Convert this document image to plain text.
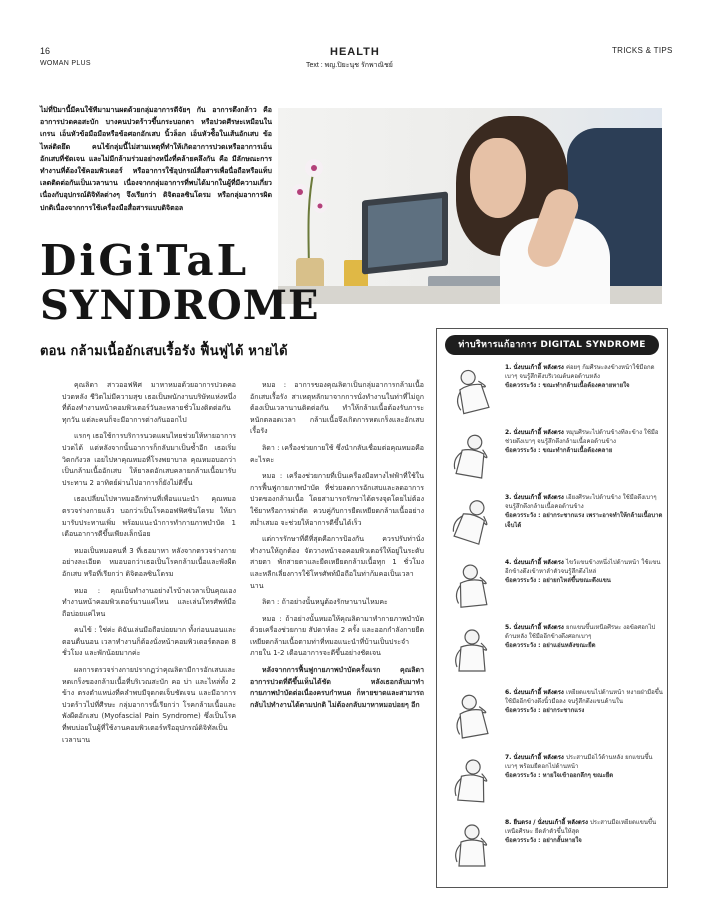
16
WOMAN PLUS
HEALTH
Text : พญ.ปิยะนุช รักพาณิชย์
TRICKS & TIPS
ไม่ที่ปิมานี้มีคนใช้ทีมามานผดด้วยกลุ่มอาการดีจัยๆ กัน อาการตึงกล้าว คือ อาการปวดคอสะบัก บางคนปวดร้าวขึ้นกระบอกตา หรือปวดศีรษะเหมือนในเกรน เอ็นหัวข้อมือมือหรือข้อศอกอักเสบ นิ้วล็อก เอ็นหัวซ้ือในเส้นอักเสบ ข้อไหล่ติดยึด คนไข้กลุ่มนี้ไม่สามเหตุที่ทำให้เกิดอาการปวดเหรืออาการเอ็นอักเสบที่ชัดเจน และไม่มีกล้ามร่วมอย่างหนึ่งที่คล้ายคลึงกัน คือ มีลักษณะการทำงานที่ต้องใช้คอมพิวเตอร์ หรืออาการใช้อุปกรณ์สื่อสารเพื่อนื่อถือหรือแท็บเลตติดต่อกันเป็นเวลานาน เนื่องจากกลุ่มอาการที่พบได้มากในผู้ที่มีความเกี่ยวเนื่องกับอุปกรณ์ดิจิทัลต่างๆ จึงเรียกว่า ดิจิตอลซินโดรม หรือกลุ่มอาการผิดปกติเนื่องจากการใช้เครื่องมือสื่อสารแบบดิจิตอล
DiGiTaL
SYNDROME
ตอน กล้ามเนื้ออักเสบเรื้อรัง ฟื้นฟูได้ หายได้

คุณลิดา สาวออฟฟิศ มาหาหมอด้วยอาการปวดคอ ปวดหลัง ชีวิตไม่มีความสุข เธอเป็นพนักงานบริษัทแห่งหนึ่ง ที่ต้องทำงานหน้าคอมพิวเตอร์วันละหลายชั่วโมงติดต่อกันทุกวัน แต่ละคนก็จะมีอาการต่างกันออกไป

แรกๆ เธอใช้การบริการนวดแผนไทยช่วยให้หายอาการปวดได้ แต่หลังจากนั้นอาการก็กลับมาเป็นซ้ำอีก เธอเริ่มวิตกกังวล เอยไปหาคุณหมอที่โรงพยาบาล คุณหมอบอกว่าเป็นกล้ามเนื้ออักเสบ ให้ยาลดอักเสบคลายกล้ามเนื้อมารับประทาน 2 อาทิตย์ผ่านไปอาการก็ยังไม่ดีขึ้น

เธอเปลี่ยนไปหาหมออีกท่านที่เพื่อนแนะนำ คุณหมอตรวจร่างกายแล้ว บอกว่าเป็นโรคออฟฟิศซินโดรม ให้ยามารับประทานเพิ่ม พร้อมแนะนำการทำกายภาพบำบัด 1 เดือนอาการดีขึ้นเพียงเล็กน้อย

หมอเป็นหมอคนที่ 3 ที่เธอมาหา หลังจากตรวจร่างกายอย่างละเอียด หมอบอกว่าเธอเป็นโรคกล้ามเนื้อและพังผืดอักเสบ หรือที่เรียกว่า ดิจิตอลซินโดรม

หมอ : คุณเป็นทำงานอย่างไรบ้างเวลาเป็นคุณเอง ทำงานหน้าคอมพิวเตอร์นานแค่ไหน และเล่นโทรศัพท์มือถือบ่อยแค่ไหน

คนไข้ : ใช่ค่ะ ดิฉันเล่นมือถือบ่อยมาก ทั้งก่อนนอนและตอนตื่นนอน เวลาทำงานก็ต้องนั่งหน้าคอมพิวเตอร์ตลอด 8 ชั่วโมง และพักน้อยมากค่ะ

ผลการตรวจร่างกายปรากฏว่าคุณลิดามีการอักเสบและหดเกร็งของกล้ามเนื้อที่บริเวณสะบัก คอ บ่า และไหล่ทั้ง 2 ข้าง ตรงตำแหน่งที่คลำพบมีจุดกดเจ็บชัดเจน และมีอาการปวดร้าวไปที่ศีรษะ กลุ่มอาการนี้เรียกว่า โรคกล้ามเนื้อและพังผืดอักเสบ (Myofascial Pain Syndrome) ซึ่งเป็นโรคที่พบบ่อยในผู้ที่ใช้งานคอมพิวเตอร์หรืออุปกรณ์ดิจิทัลเป็นเวลานาน

หมอ : อาการของคุณลิดาเป็นกลุ่มอาการกล้ามเนื้ออักเสบเรื้อรัง สาเหตุหลักมาจากการนั่งทำงานในท่าที่ไม่ถูกต้องเป็นเวลานานติดต่อกัน ทำให้กล้ามเนื้อต้องรับภาระหนักตลอดเวลา กล้ามเนื้อจึงเกิดการหดเกร็งและอักเสบเรื้อรัง

ลิดา : เครื่องช่วยกายใช้ ซึ่งนำกลับเชื่อมต่อคุณหมอคือคะไรคะ

หมอ : เครื่องช่วยกายที่เป็นเครื่องมือทางไฟฟ้าที่ใช้ในการฟื้นฟูกายภาพบำบัด ที่ช่วยลดการอักเสบและลดอาการปวดของกล้ามเนื้อ โดยสามารถรักษาได้ตรงจุดโดยไม่ต้องใช้ยาหรือการผ่าตัด ควบคู่กับการยืดเหยียดกล้ามเนื้ออย่างสม่ำเสมอ จะช่วยให้อาการดีขึ้นได้เร็ว

แต่การรักษาที่ดีที่สุดคือการป้องกัน ควรปรับท่านั่งทำงานให้ถูกต้อง จัดวางหน้าจอคอมพิวเตอร์ให้อยู่ในระดับสายตา พักสายตาและยืดเหยียดกล้ามเนื้อทุก 1 ชั่วโมง และหลีกเลี่ยงการใช้โทรศัพท์มือถือในท่าก้มคอเป็นเวลานาน

ลิดา : ถ้าอย่างนั้นหนูต้องรักษานานไหมคะ

หมอ : ถ้าอย่างนั้นหมอให้คุณลิดามาทำกายภาพบำบัดด้วยเครื่องช่วยกาย สัปดาห์ละ 2 ครั้ง และออกกำลังกายยืดเหยียดกล้ามเนื้อตามท่าที่หมอแนะนำที่บ้านเป็นประจำ ภายใน 1-2 เดือนอาการจะดีขึ้นอย่างชัดเจน

หลังจากการฟื้นฟูกายภาพบำบัดครั้งแรก คุณลิดาอาการปวดที่ดีขึ้นเห็นได้ชัด หลังเธอกลับมาทำกายภาพบำบัดต่อเนื่องครบกำหนด ก็หายขาดและสามารถกลับไปทำงานได้ตามปกติ ไม่ต้องกลับมาหาหมอบ่อยๆ อีก

ท่าบริหารแก้อาการ DIGITAL SYNDROME
1. นั่งบนเก้าอี้ หลังตรง ค่อยๆ ก้มศีรษะลงข้างหน้าใช้มือกดเบาๆ จนรู้สึกตึงบริเวณต้นคอด้านหลัง
ข้อควรระวัง : ขณะทำกล้ามเนื้อต้องคลายหายใจ
2. นั่งบนเก้าอี้ หลังตรง หมุนศีรษะไปด้านข้างทีละข้าง ใช้มือช่วยดึงเบาๆ จนรู้สึกตึงกล้ามเนื้อคอด้านข้าง
ข้อควรระวัง : ขณะทำกล้ามเนื้อต้องคลาย
3. นั่งบนเก้าอี้ หลังตรง เอียงศีรษะไปด้านข้าง ใช้มือดึงเบาๆ จนรู้สึกตึงกล้ามเนื้อคอด้านข้าง
ข้อควรระวัง : อย่ากระชากแรง เพราะอาจทำให้กล้ามเนื้อบาดเจ็บได้
4. นั่งบนเก้าอี้ หลังตรง ไขว้แขนข้างหนึ่งไปด้านหน้า ใช้แขนอีกข้างดึงเข้าหาลำตัวจนรู้สึกตึงไหล่
ข้อควรระวัง : อย่ายกไหล่ขึ้นขณะดึงแขน
5. นั่งบนเก้าอี้ หลังตรง ยกแขนขึ้นเหนือศีรษะ งอข้อศอกไปด้านหลัง ใช้มืออีกข้างดึงศอกเบาๆ
ข้อควรระวัง : อย่าแอ่นหลังขณะยืด
6. นั่งบนเก้าอี้ หลังตรง เหยียดแขนไปด้านหน้า หงายฝ่ามือขึ้น ใช้มืออีกข้างดึงนิ้วมือลง จนรู้สึกตึงแขนด้านใน
ข้อควรระวัง : อย่ากระชากแรง
7. นั่งบนเก้าอี้ หลังตรง ประสานมือไว้ด้านหลัง ยกแขนขึ้นเบาๆ พร้อมยืดอกไปด้านหน้า
ข้อควรระวัง : หายใจเข้าออกลึกๆ ขณะยืด
8. ยืนตรง / นั่งบนเก้าอี้ หลังตรง ประสานมือเหยียดแขนขึ้นเหนือศีรษะ ยืดลำตัวขึ้นให้สุด
ข้อควรระวัง : อย่ากลั้นหายใจ
